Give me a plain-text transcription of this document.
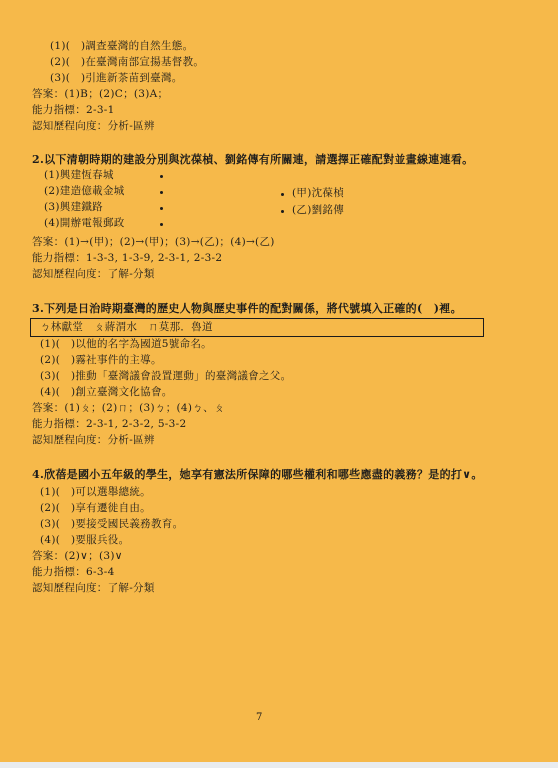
(1)(　)調查臺灣的自然生態。
(2)(　)在臺灣南部宣揚基督教。
(3)(　)引進新茶苗到臺灣。
答案：(1)B；(2)C；(3)A；
能力指標：2-3-1
認知歷程向度：分析-區辨
2.以下清朝時期的建設分別與沈葆楨、劉銘傳有所關連，請選擇正確配對並畫線連連看。
(1)興建恆春城
(2)建造億載金城	(甲)沈葆楨
(3)興建鐵路	(乙)劉銘傳
(4)開辦電報郵政
答案：(1)→(甲)；(2)→(甲)；(3)→(乙)；(4)→(乙)
能力指標：1-3-3, 1-3-9, 2-3-1, 2-3-2
認知歷程向度：了解-分類
3.下列是日治時期臺灣的歷史人物與歷史事件的配對關係，將代號填入正確的(　)裡。
ㄅ林獻堂　ㄆ蔣渭水　ㄇ莫那．魯道
(1)(　)以他的名字為國道5號命名。
(2)(　)霧社事件的主導。
(3)(　)推動「臺灣議會設置運動」的臺灣議會之父。
(4)(　)創立臺灣文化協會。
答案：(1)ㄆ；(2)ㄇ；(3)ㄅ；(4)ㄅ、ㄆ
能力指標：2-3-1, 2-3-2, 5-3-2
認知歷程向度：分析-區辨
4.欣蓓是國小五年級的學生，她享有憲法所保障的哪些權利和哪些應盡的義務？是的打∨。
(1)(　)可以選舉總統。
(2)(　)享有遷徙自由。
(3)(　)要接受國民義務教育。
(4)(　)要服兵役。
答案：(2)∨；(3)∨
能力指標：6-3-4
認知歷程向度：了解-分類
7
